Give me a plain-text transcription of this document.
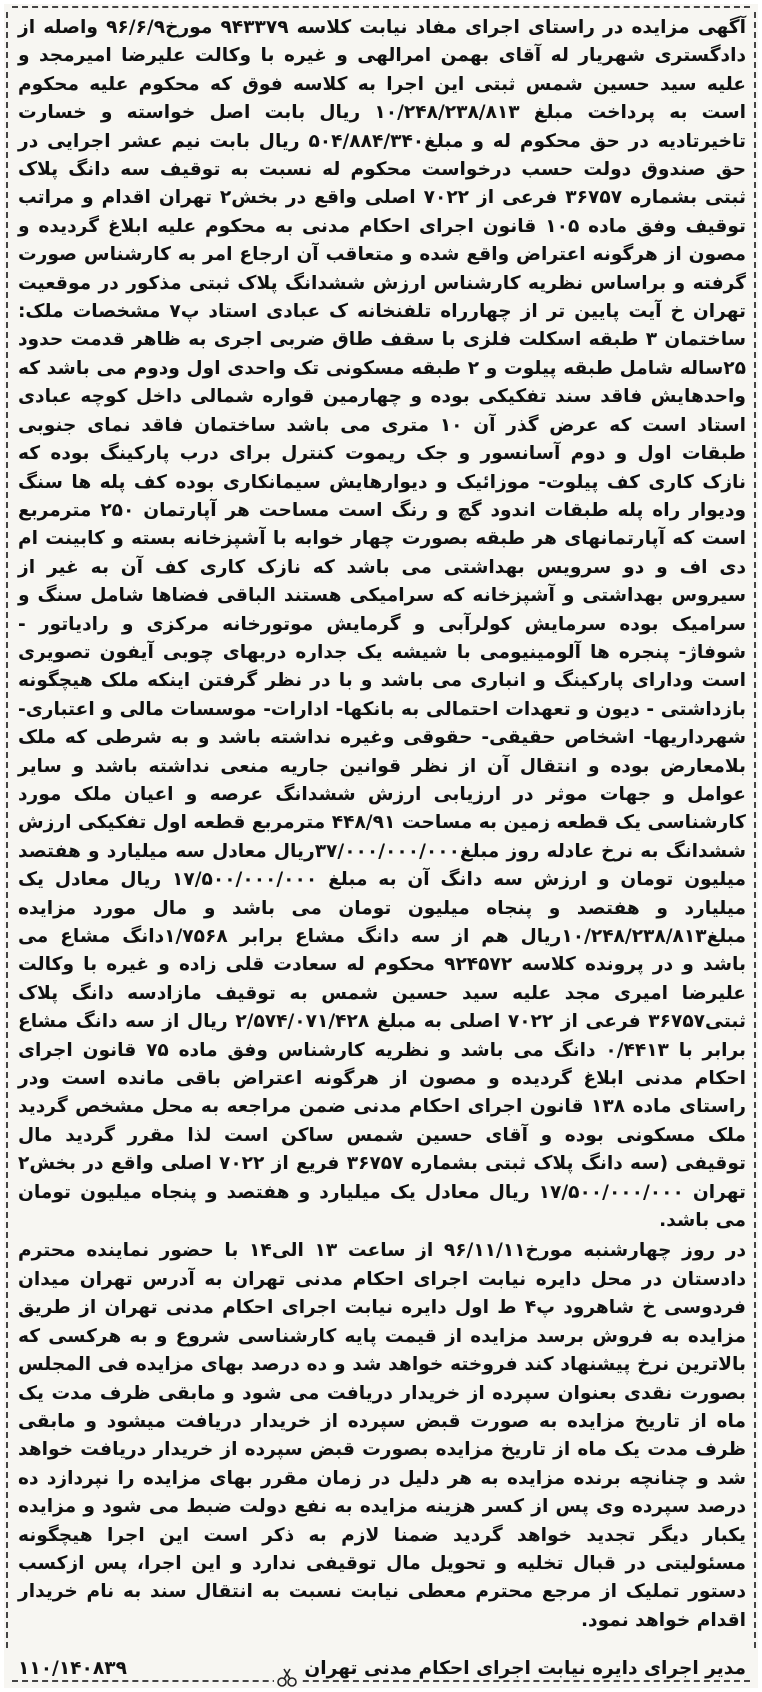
آگهی مزایده در راستای اجرای مفاد نیابت کلاسه ۹۴۳۳۷۹ مورخ۹۶/۶/۹ واصله از دادگستری شهریار له آقای بهمن امرالهی و غیره با وکالت علیرضا امیرمجد و علیه سید حسین شمس ثبتی این اجرا به کلاسه فوق که محکوم علیه محکوم است به پرداخت مبلغ ۱۰/۲۴۸/۲۳۸/۸۱۳ ریال بابت اصل خواسته و خسارت تاخیرتادیه در حق محکوم له و مبلغ۵۰۴/۸۸۴/۳۴۰ ریال بابت نیم عشر اجرایی در حق صندوق دولت حسب درخواست محکوم له نسبت به توقیف سه دانگ پلاک ثبتی بشماره ۳۶۷۵۷ فرعی از ۷۰۲۲ اصلی واقع در بخش۲ تهران اقدام و مراتب توقیف وفق ماده ۱۰۵ قانون اجرای احکام مدنی به محکوم علیه ابلاغ گردیده و مصون از هرگونه اعتراض واقع شده و متعاقب آن ارجاع امر به کارشناس صورت گرفته و براساس نظریه کارشناس ارزش ششدانگ پلاک ثبتی مذکور در موقعیت تهران خ آیت پایین تر از چهارراه تلفنخانه ک عبادی استاد پ۷ مشخصات ملک: ساختمان ۳ طبقه اسکلت فلزی با سقف طاق ضربی اجری به ظاهر قدمت حدود ۲۵ساله شامل طبقه پیلوت و ۲ طبقه مسکونی تک واحدی اول ودوم می باشد که واحدهایش فاقد سند تفکیکی بوده و چهارمین قواره شمالی داخل کوچه عبادی استاد است که عرض گذر آن ۱۰ متری می باشد ساختمان فاقد نمای جنوبی طبقات اول و دوم آسانسور و جک ریموت کنترل برای درب پارکینگ بوده که نازک کاری کف پیلوت- موزائیک و دیوارهایش سیمانکاری بوده کف پله ها سنگ ودیوار راه پله طبقات اندود گچ و رنگ است مساحت هر آپارتمان ۲۵۰ مترمربع است که آپارتمانهای هر طبقه بصورت چهار خوابه با آشپزخانه بسته و کابینت ام دی اف و دو سرویس بهداشتی می باشد که نازک کاری کف آن به غیر از سیروس بهداشتی و آشپزخانه که سرامیکی هستند الباقی فضاها شامل سنگ و سرامیک بوده سرمایش کولرآبی و گرمایش موتورخانه مرکزی و رادیاتور - شوفاژ- پنجره ها آلومینیومی با شیشه یک جداره دربهای چوبی آیفون تصویری است ودارای پارکینگ و انباری می باشد و با در نظر گرفتن اینکه ملک هیچگونه بازداشتی - دیون و تعهدات احتمالی به بانکها- ادارات- موسسات مالی و اعتباری- شهرداریها- اشخاص حقیقی- حقوقی وغیره نداشته باشد و به شرطی که ملک بلامعارض بوده و انتقال آن از نظر قوانین جاریه منعی نداشته باشد و سایر عوامل و جهات موثر در ارزیابی ارزش ششدانگ عرصه و اعیان ملک مورد کارشناسی یک قطعه زمین به مساحت ۴۴۸/۹۱ مترمربع قطعه اول تفکیکی ارزش ششدانگ به نرخ عادله روز مبلغ۳۷/۰۰۰/۰۰۰/۰۰۰ریال معادل سه میلیارد و هفتصد میلیون تومان و ارزش سه دانگ آن به مبلغ ۱۷/۵۰۰/۰۰۰/۰۰۰ ریال معادل یک میلیارد و هفتصد و پنجاه میلیون تومان می باشد و مال مورد مزایده مبلغ۱۰/۲۴۸/۲۳۸/۸۱۳ریال هم از سه دانگ مشاع برابر ۱/۷۵۶۸دانگ مشاع می باشد و در پرونده کلاسه ۹۲۴۵۷۲ محکوم له سعادت قلی زاده و غیره با وکالت علیرضا امیری مجد علیه سید حسین شمس به توقیف مازادسه دانگ پلاک ثبتی۳۶۷۵۷ فرعی از ۷۰۲۲ اصلی به مبلغ ۲/۵۷۴/۰۷۱/۴۲۸ ریال از سه دانگ مشاع برابر با ۰/۴۴۱۳ دانگ می باشد و نظریه کارشناس وفق ماده ۷۵ قانون اجرای احکام مدنی ابلاغ گردیده و مصون از هرگونه اعتراض باقی مانده است ودر راستای ماده ۱۳۸ قانون اجرای احکام مدنی ضمن مراجعه به محل مشخص گردید ملک مسکونی بوده و آقای حسین شمس ساکن است لذا مقرر گردید مال توقیفی (سه دانگ پلاک ثبتی بشماره ۳۶۷۵۷ فریع از ۷۰۲۲ اصلی واقع در بخش۲ تهران ۱۷/۵۰۰/۰۰۰/۰۰۰ ریال معادل یک میلیارد و هفتصد و پنجاه میلیون تومان می باشد.

در روز چهارشنبه مورخ۹۶/۱۱/۱۱ از ساعت ۱۳ الی۱۴ با حضور نماینده محترم دادستان در محل دایره نیابت اجرای احکام مدنی تهران به آدرس تهران میدان فردوسی خ شاهرود پ۴ ط اول دایره نیابت اجرای احکام مدنی تهران از طریق مزایده به فروش برسد مزایده از قیمت پایه کارشناسی شروع و به هرکسی که بالاترین نرخ پیشنهاد کند فروخته خواهد شد و ده درصد بهای مزایده فی المجلس بصورت نقدی بعنوان سپرده از خریدار دریافت می شود و مابقی ظرف مدت یک ماه از تاریخ مزایده به صورت قبض سپرده از خریدار دریافت میشود و مابقی ظرف مدت یک ماه از تاریخ مزایده بصورت قبض سپرده از خریدار دریافت خواهد شد و چنانچه برنده مزایده به هر دلیل در زمان مقرر بهای مزایده را نپردازد ده درصد سپرده وی پس از کسر هزینه مزایده به نفع دولت ضبط می شود و مزایده یکبار دیگر تجدید خواهد گردید ضمنا لازم به ذکر است این اجرا هیچگونه مسئولیتی در قبال تخلیه و تحویل مال توقیفی ندارد و این اجرا، پس ازکسب دستور تملیک از مرجع محترم معطی نیابت نسبت به انتقال سند به نام خریدار اقدام خواهد نمود.

مدیر اجرای دایره نیابت اجرای احکام مدنی تهران
۱۱۰/۱۴۰۸۳۹
